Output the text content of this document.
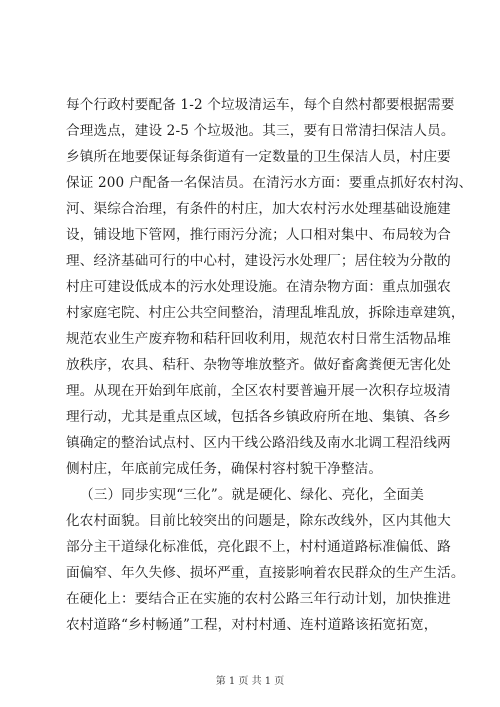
每个行政村要配备 1-2 个垃圾清运车，每个自然村都要根据需要
合理选点，建设 2-5 个垃圾池。其三，要有日常清扫保洁人员。
乡镇所在地要保证每条街道有一定数量的卫生保洁人员，村庄要
保证 200 户配备一名保洁员。在清污水方面：要重点抓好农村沟、
河、渠综合治理，有条件的村庄，加大农村污水处理基础设施建
设，铺设地下管网，推行雨污分流；人口相对集中、布局较为合
理、经济基础可行的中心村，建设污水处理厂；居住较为分散的
村庄可建设低成本的污水处理设施。在清杂物方面：重点加强农
村家庭宅院、村庄公共空间整治，清理乱堆乱放，拆除违章建筑，
规范农业生产废弃物和秸秆回收利用，规范农村日常生活物品堆
放秩序，农具、秸秆、杂物等堆放整齐。做好畜禽粪便无害化处
理。从现在开始到年底前，全区农村要普遍开展一次积存垃圾清
理行动，尤其是重点区域，包括各乡镇政府所在地、集镇、各乡
镇确定的整治试点村、区内干线公路沿线及南水北调工程沿线两
侧村庄，年底前完成任务，确保村容村貌干净整洁。
（三）同步实现“三化”。就是硬化、绿化、亮化，全面美
化农村面貌。目前比较突出的问题是，除东改线外，区内其他大
部分主干道绿化标准低，亮化跟不上，村村通道路标准偏低、路
面偏窄、年久失修、损坏严重，直接影响着农民群众的生产生活。
在硬化上：要结合正在实施的农村公路三年行动计划，加快推进
农村道路“乡村畅通”工程，对村村通、连村道路该拓宽拓宽，
第 1 页 共 1 页
